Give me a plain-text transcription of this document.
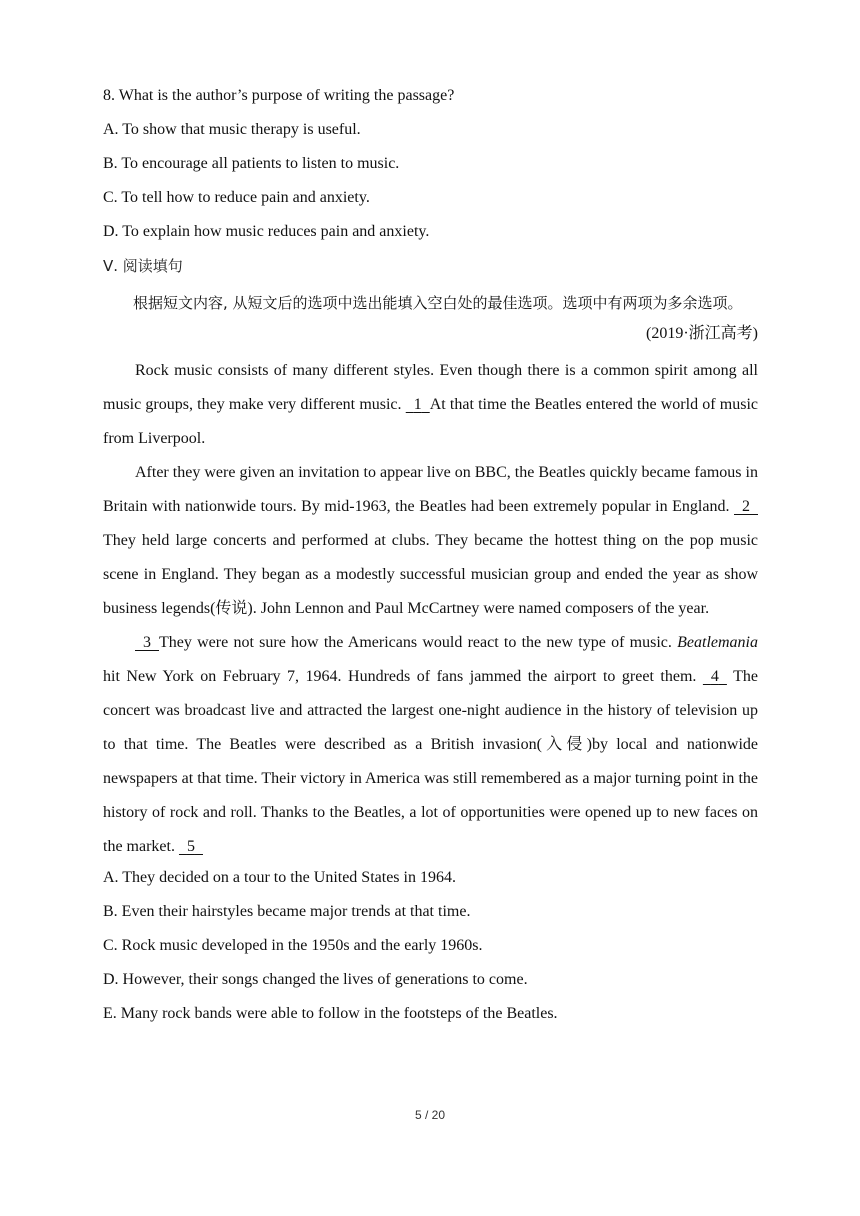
8. What is the author’s purpose of writing the passage?
A. To show that music therapy is useful.
B. To encourage all patients to listen to music.
C. To tell how to reduce pain and anxiety.
D. To explain how music reduces pain and anxiety.
Ⅴ. 阅读填句

根据短文内容, 从短文后的选项中选出能填入空白处的最佳选项。选项中有两项为多余选项。

(2019·浙江高考)

Rock music consists of many different styles. Even though there is a common spirit among all music groups, they make very different music.   1 At that time the Beatles entered the world of music from Liverpool.

After they were given an invitation to appear live on BBC, the Beatles quickly became famous in Britain with nationwide tours. By mid-1963, the Beatles had been extremely popular in England.   2   They held large concerts and performed at clubs. They became the hottest thing on the pop music scene in England. They began as a modestly successful musician group and ended the year as show business legends(传说). John Lennon and Paul McCartney were named composers of the year.

3 They were not sure how the Americans would react to the new type of music. Beatlemania hit New York on February 7, 1964. Hundreds of fans jammed the airport to greet them.   4   The concert was broadcast live and attracted the largest one-night audience in the history of television up to that time. The Beatles were described as a British invasion(入侵)by local and nationwide newspapers at that time. Their victory in America was still remembered as a major turning point in the history of rock and roll. Thanks to the Beatles, a lot of opportunities were opened up to new faces on the market.   5

A. They decided on a tour to the United States in 1964.
B. Even their hairstyles became major trends at that time.
C. Rock music developed in the 1950s and the early 1960s.
D. However, their songs changed the lives of generations to come.
E. Many rock bands were able to follow in the footsteps of the Beatles.
5 / 20
